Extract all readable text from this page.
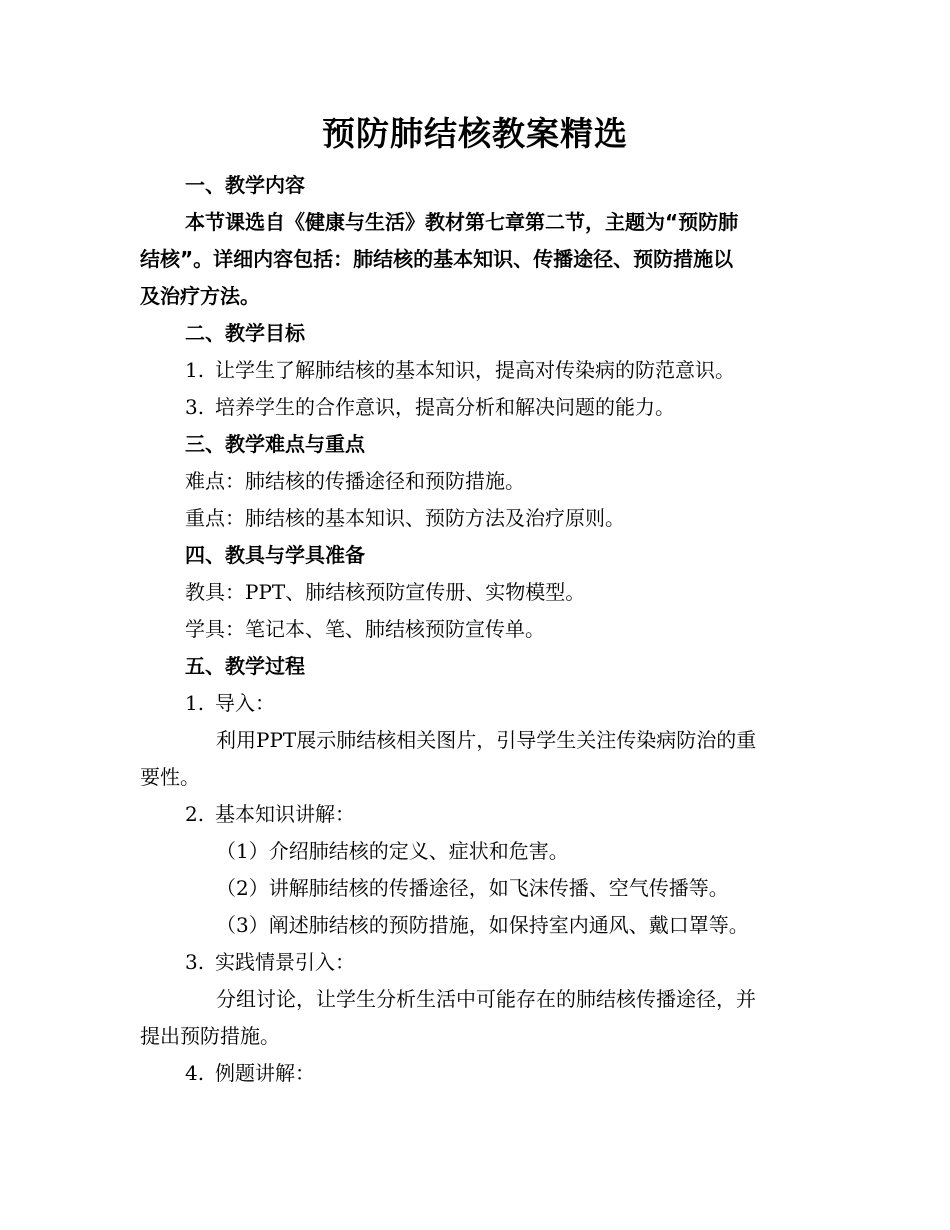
预防肺结核教案精选
一、教学内容
本节课选自《健康与生活》教材第七章第二节，主题为“预防肺
结核”。详细内容包括：肺结核的基本知识、传播途径、预防措施以
及治疗方法。
二、教学目标
1. 让学生了解肺结核的基本知识，提高对传染病的防范意识。
3. 培养学生的合作意识，提高分析和解决问题的能力。
三、教学难点与重点
难点：肺结核的传播途径和预防措施。
重点：肺结核的基本知识、预防方法及治疗原则。
四、教具与学具准备
教具：PPT、肺结核预防宣传册、实物模型。
学具：笔记本、笔、肺结核预防宣传单。
五、教学过程
1. 导入：
利用PPT展示肺结核相关图片，引导学生关注传染病防治的重
要性。
2. 基本知识讲解：
（1）介绍肺结核的定义、症状和危害。
（2）讲解肺结核的传播途径，如飞沫传播、空气传播等。
（3）阐述肺结核的预防措施，如保持室内通风、戴口罩等。
3. 实践情景引入：
分组讨论，让学生分析生活中可能存在的肺结核传播途径，并
提出预防措施。
4. 例题讲解：
